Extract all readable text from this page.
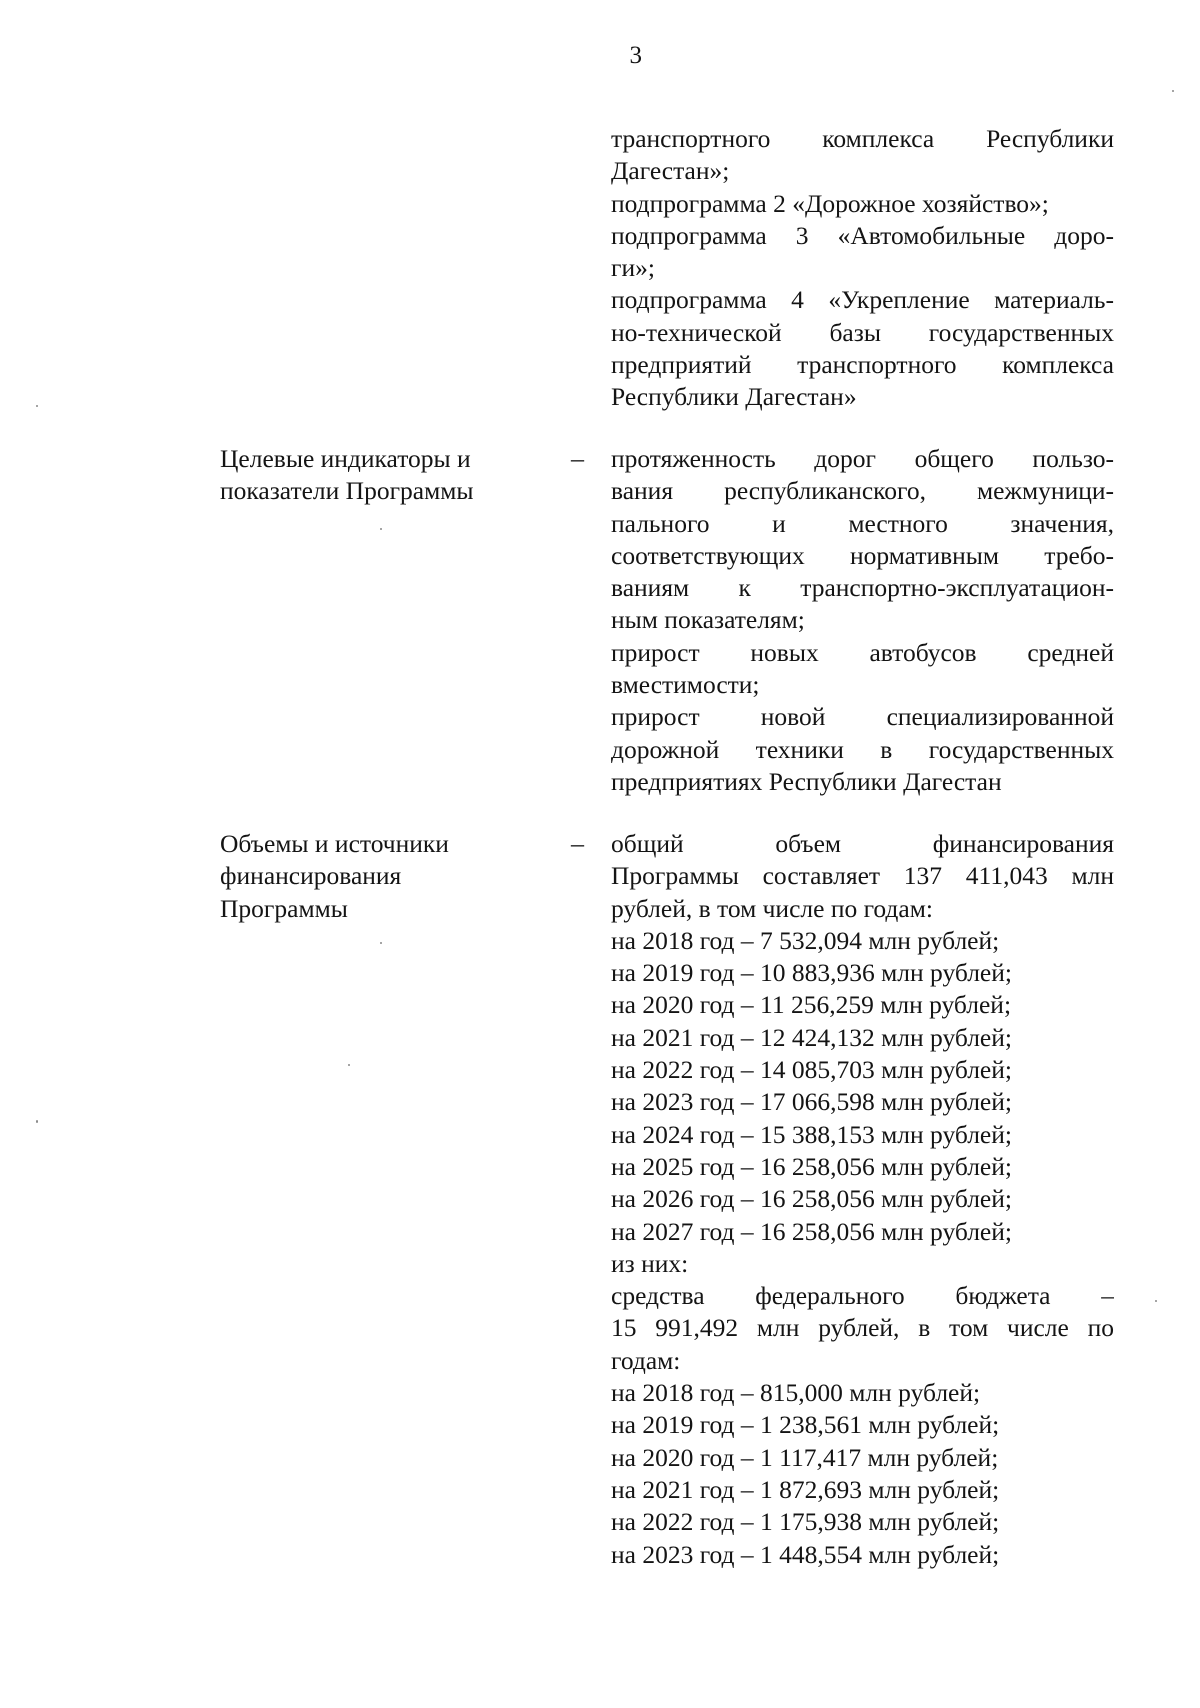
3
транспортного комплекса Республики
Дагестан»;
подпрограмма 2 «Дорожное хозяйство»;
подпрограмма 3 «Автомобильные доро-
ги»;
подпрограмма 4 «Укрепление материаль-
но-технической базы государственных
предприятий транспортного комплекса
Республики Дагестан»
Целевые индикаторы и
показатели Программы
– протяженность дорог общего пользо-
вания республиканского, межмуници-
пального и местного значения,
соответствующих нормативным требо-
ваниям к транспортно-эксплуатацион-
ным показателям;
прирост новых автобусов средней
вместимости;
прирост новой специализированной
дорожной техники в государственных
предприятиях Республики Дагестан
Объемы и источники
финансирования
Программы
– общий объем финансирования
Программы составляет 137 411,043 млн
рублей, в том числе по годам:
на 2018 год – 7 532,094 млн рублей;
на 2019 год – 10 883,936 млн рублей;
на 2020 год – 11 256,259 млн рублей;
на 2021 год – 12 424,132 млн рублей;
на 2022 год – 14 085,703 млн рублей;
на 2023 год – 17 066,598 млн рублей;
на 2024 год – 15 388,153 млн рублей;
на 2025 год – 16 258,056 млн рублей;
на 2026 год – 16 258,056 млн рублей;
на 2027 год – 16 258,056 млн рублей;
из них:
средства федерального бюджета –
15 991,492 млн рублей, в том числе по
годам:
на 2018 год – 815,000 млн рублей;
на 2019 год – 1 238,561 млн рублей;
на 2020 год – 1 117,417 млн рублей;
на 2021 год – 1 872,693 млн рублей;
на 2022 год – 1 175,938 млн рублей;
на 2023 год – 1 448,554 млн рублей;
